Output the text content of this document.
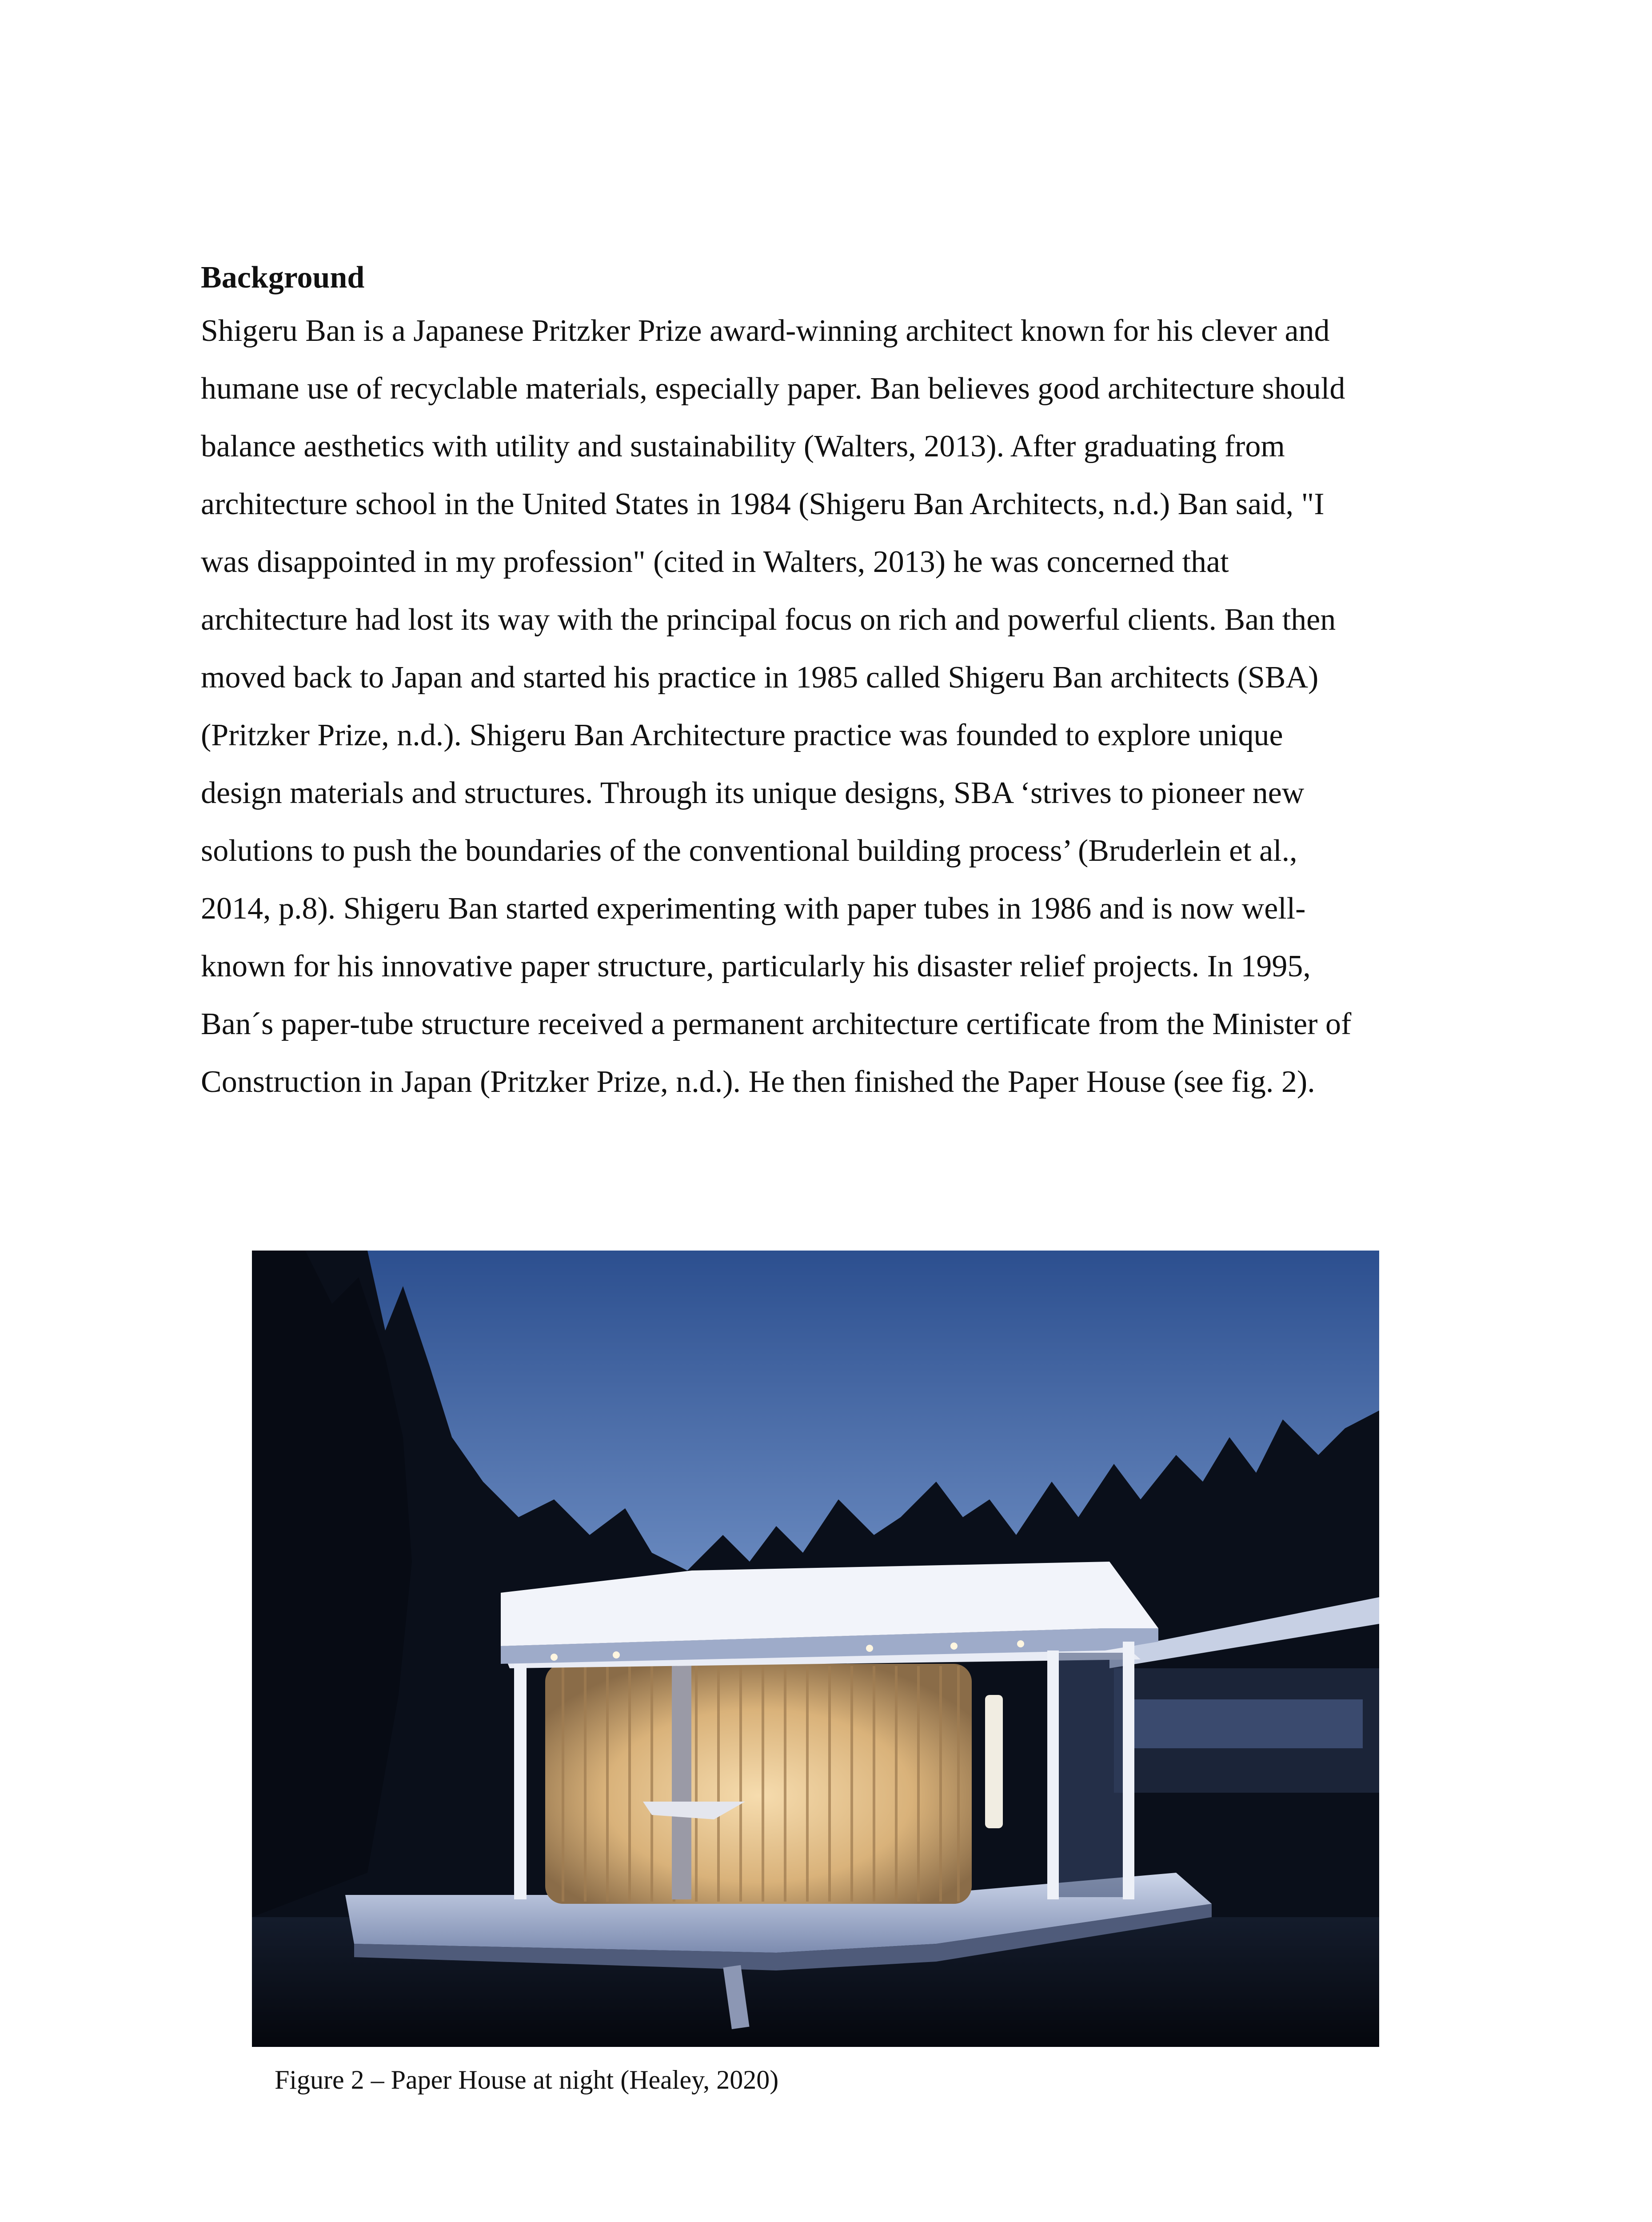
Background
Shigeru Ban is a Japanese Pritzker Prize award-winning architect known for his clever and
humane use of recyclable materials, especially paper. Ban believes good architecture should
balance aesthetics with utility and sustainability (Walters, 2013). After graduating from
architecture school in the United States in 1984 (Shigeru Ban Architects, n.d.) Ban said, "I
was disappointed in my profession" (cited in Walters, 2013) he was concerned that
architecture had lost its way with the principal focus on rich and powerful clients. Ban then
moved back to Japan and started his practice in 1985 called Shigeru Ban architects (SBA)
(Pritzker Prize, n.d.). Shigeru Ban Architecture practice was founded to explore unique
design materials and structures. Through its unique designs, SBA ‘strives to pioneer new
solutions to push the boundaries of the conventional building process’ (Bruderlein et al.,
2014, p.8). Shigeru Ban started experimenting with paper tubes in 1986 and is now well-
known for his innovative paper structure, particularly his disaster relief projects. In 1995,
Ban´s paper-tube structure received a permanent architecture certificate from the Minister of
Construction in Japan (Pritzker Prize, n.d.). He then finished the Paper House (see fig. 2).

Figure 2 – Paper House at night (Healey, 2020)
